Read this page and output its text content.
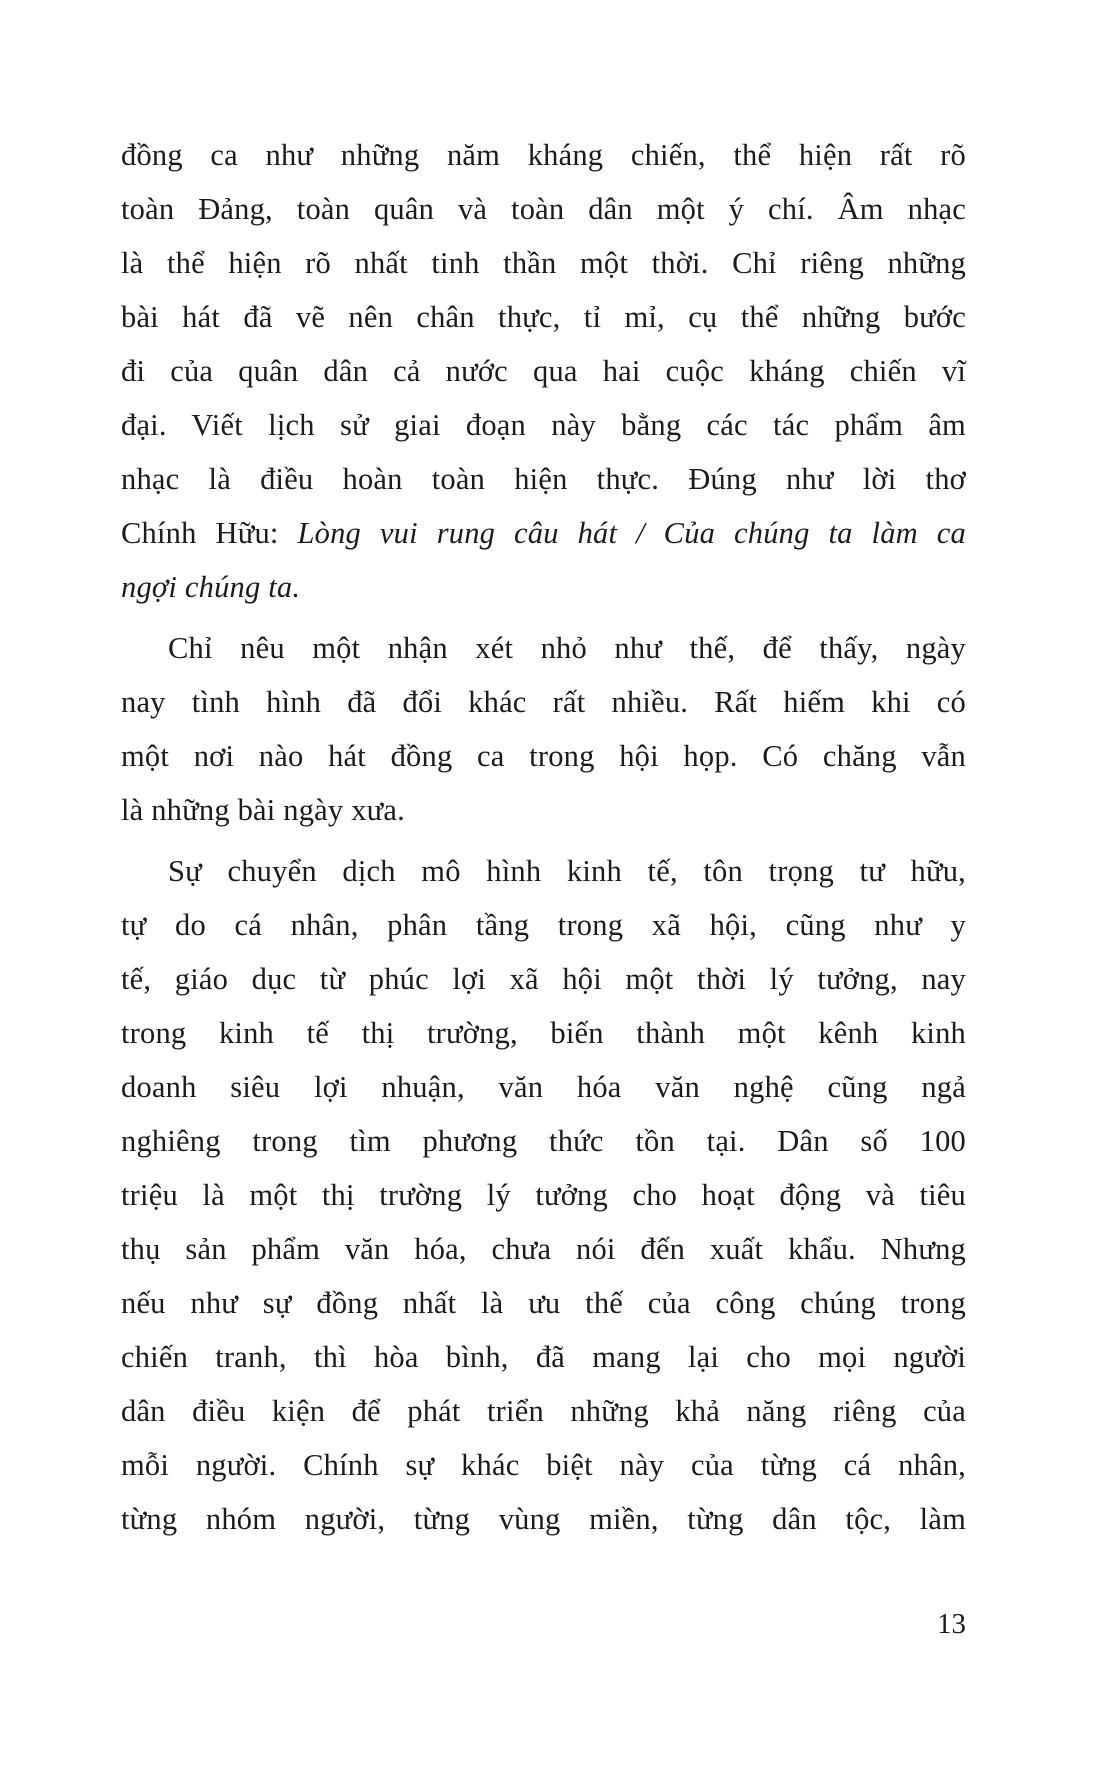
đồng ca như những năm kháng chiến, thể hiện rất rõ
toàn Đảng, toàn quân và toàn dân một ý chí. Âm nhạc
là thể hiện rõ nhất tinh thần một thời. Chỉ riêng những
bài hát đã vẽ nên chân thực, tỉ mỉ, cụ thể những bước
đi của quân dân cả nước qua hai cuộc kháng chiến vĩ
đại. Viết lịch sử giai đoạn này bằng các tác phẩm âm
nhạc là điều hoàn toàn hiện thực. Đúng như lời thơ
Chính Hữu: Lòng vui rung câu hát / Của chúng ta làm ca
ngợi chúng ta.
Chỉ nêu một nhận xét nhỏ như thế, để thấy, ngày
nay tình hình đã đổi khác rất nhiều. Rất hiếm khi có
một nơi nào hát đồng ca trong hội họp. Có chăng vẫn
là những bài ngày xưa.
Sự chuyển dịch mô hình kinh tế, tôn trọng tư hữu,
tự do cá nhân, phân tầng trong xã hội, cũng như y
tế, giáo dục từ phúc lợi xã hội một thời lý tưởng, nay
trong kinh tế thị trường, biến thành một kênh kinh
doanh siêu lợi nhuận, văn hóa văn nghệ cũng ngả
nghiêng trong tìm phương thức tồn tại. Dân số 100
triệu là một thị trường lý tưởng cho hoạt động và tiêu
thụ sản phẩm văn hóa, chưa nói đến xuất khẩu. Nhưng
nếu như sự đồng nhất là ưu thế của công chúng trong
chiến tranh, thì hòa bình, đã mang lại cho mọi người
dân điều kiện để phát triển những khả năng riêng của
mỗi người. Chính sự khác biệt này của từng cá nhân,
từng nhóm người, từng vùng miền, từng dân tộc, làm
13
